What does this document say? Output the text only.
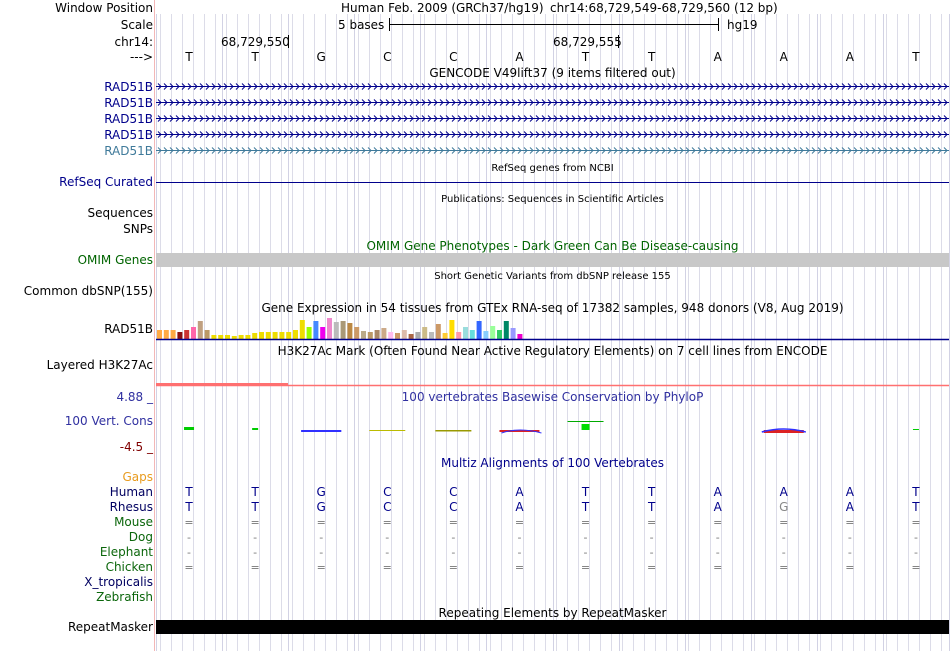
Window Position
Scale
chr14:
--->
RAD51B
RAD51B
RAD51B
RAD51B
RAD51B
RefSeq Curated
Sequences
SNPs
OMIM Genes
Common dbSNP(155)
RAD51B
Layered H3K27Ac
4.88 _
100 Vert. Cons
-4.5 _
Gaps
Human
Rhesus
Mouse
Dog
Elephant
Chicken
X_tropicalis
Zebrafish
RepeatMasker
T	T	G	C	C	A	T	T	A	A	A	T
T	T	G	C	C	A	T	T	A	A	A	T
T	T	G	C	C	A	T	T	A	G	A	T
=	=	=	=	=	=	=	=	=	=	=	=
-	-	-	-	-	-	-	-	-	-	-	-
-	-	-	-	-	-	-	-	-	-	-	-
=	=	=	=	=	=	=	=	=	=	=	=
Human Feb. 2009 (GRCh37/hg19) chr14:68,729,549-68,729,560 (12 bp)
5 bases	hg19
68,729,550	68,729,555
GENCODE V49lift37 (9 items filtered out)
RefSeq genes from NCBI
Publications: Sequences in Scientific Articles
OMIM Gene Phenotypes - Dark Green Can Be Disease-causing
Short Genetic Variants from dbSNP release 155
Gene Expression in 54 tissues from GTEx RNA-seq of 17382 samples, 948 donors (V8, Aug 2019)
H3K27Ac Mark (Often Found Near Active Regulatory Elements) on 7 cell lines from ENCODE
100 vertebrates Basewise Conservation by PhyloP
Multiz Alignments of 100 Vertebrates
Repeating Elements by RepeatMasker
